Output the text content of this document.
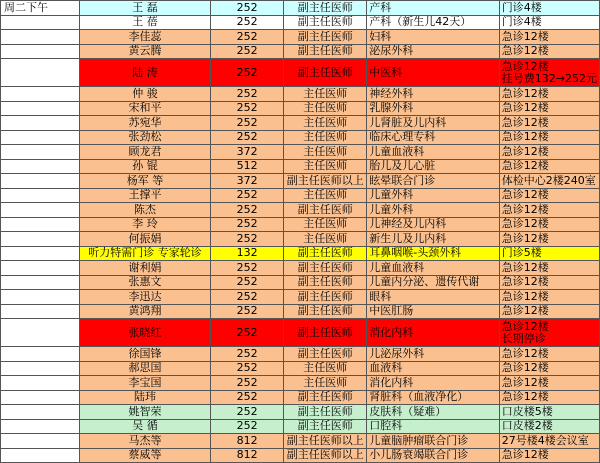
周二下午	王 磊	252	副主任医师	产科	门诊4楼
	王 蓓	252	副主任医师	产科（新生儿42天）	门诊4楼
	李佳蕊	252	副主任医师	妇科	急诊12楼
	黄云腾	252	副主任医师	泌尿外科	急诊12楼
	陆 涛	252	副主任医师	中医科	急诊12楼
挂号费132→252元

	仲 骏	252	主任医师	神经外科	急诊12楼
	宋和平	252	主任医师	乳腺外科	急诊12楼
	苏宛华	252	主任医师	儿肾脏及儿内科	急诊12楼
	张劲松	252	主任医师	临床心理专科	急诊12楼
	顾龙君	372	主任医师	儿童血液科	急诊12楼
	孙 锟	512	主任医师	胎儿及儿心脏	急诊12楼
	杨军 等	372	副主任医师以上	眩晕联合门诊	体检中心2楼240室
	王撑平	252	主任医师	儿童外科	急诊12楼
	陈杰	252	副主任医师	儿童外科	急诊12楼
	李 玲	252	主任医师	儿神经及儿内科	急诊12楼
	何振娟	252	主任医师	新生儿及儿内科	急诊12楼
	听力特需门诊 专家轮诊	132	副主任医师	耳鼻咽喉-头颈外科	门诊5楼
	谢利娟	252	副主任医师	儿童血液科	急诊12楼
	张惠文	252	副主任医师	儿童内分泌、遗传代谢	急诊12楼
	李迅达	252	副主任医师	眼科	急诊12楼
	黄鸿翔	252	副主任医师	中医肛肠	急诊12楼
	张晓红	252	副主任医师	消化内科	急诊12楼
长期停诊

	徐国锋	252	副主任医师	儿泌尿外科	急诊12楼
	郝思国	252	主任医师	血液科	急诊12楼
	李宝国	252	主任医师	消化内科	急诊12楼
	陆玮	252	副主任医师	肾脏科（血液净化）	急诊12楼
	姚智荣	252	副主任医师	皮肤科（疑难）	口皮楼5楼
	吴 循	252	副主任医师	口腔科	口皮楼2楼
	马杰等	812	副主任医师以上	儿童脑肿瘤联合门诊	27号楼4楼会议室
	蔡威等	812	副主任医师以上	小儿肠衰竭联合门诊	急诊12楼
